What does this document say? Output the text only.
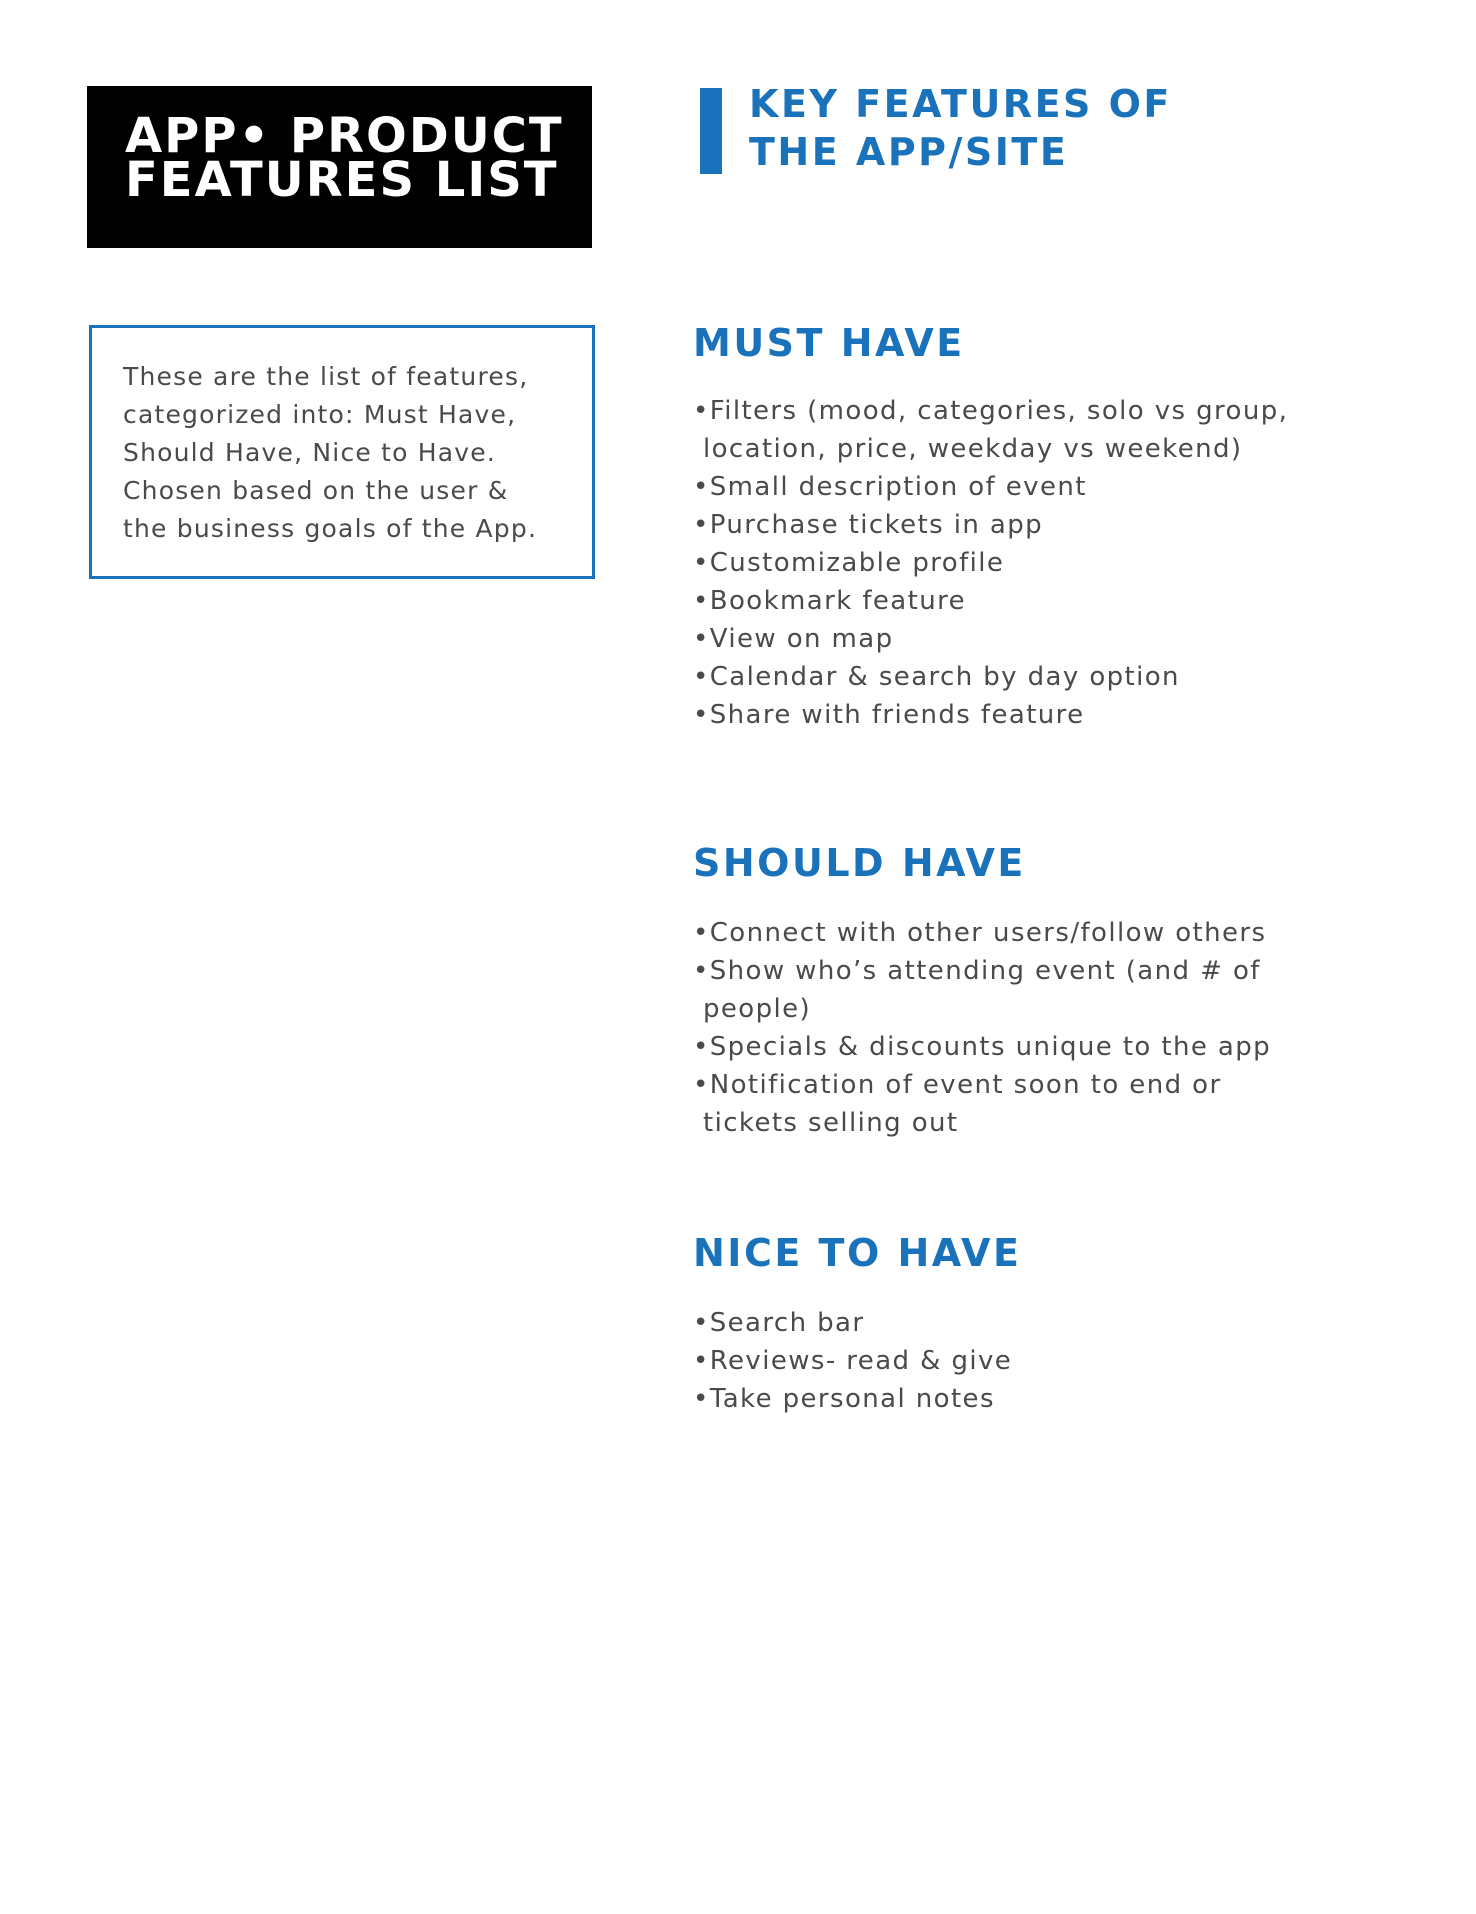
APP• PRODUCT
FEATURES LIST
These are the list of features,
categorized into: Must Have,
Should Have, Nice to Have.
Chosen based on the user &
the business goals of the App.
KEY FEATURES OF
THE APP/SITE
MUST HAVE
•Filters (mood, categories, solo vs group,
location, price, weekday vs weekend)
•Small description of event
•Purchase tickets in app
•Customizable profile
•Bookmark feature
•View on map
•Calendar & search by day option
•Share with friends feature
SHOULD HAVE
•Connect with other users/follow others
•Show who’s attending event (and # of
people)
•Specials & discounts unique to the app
•Notification of event soon to end or
tickets selling out
NICE TO HAVE
•Search bar
•Reviews- read & give
•Take personal notes
